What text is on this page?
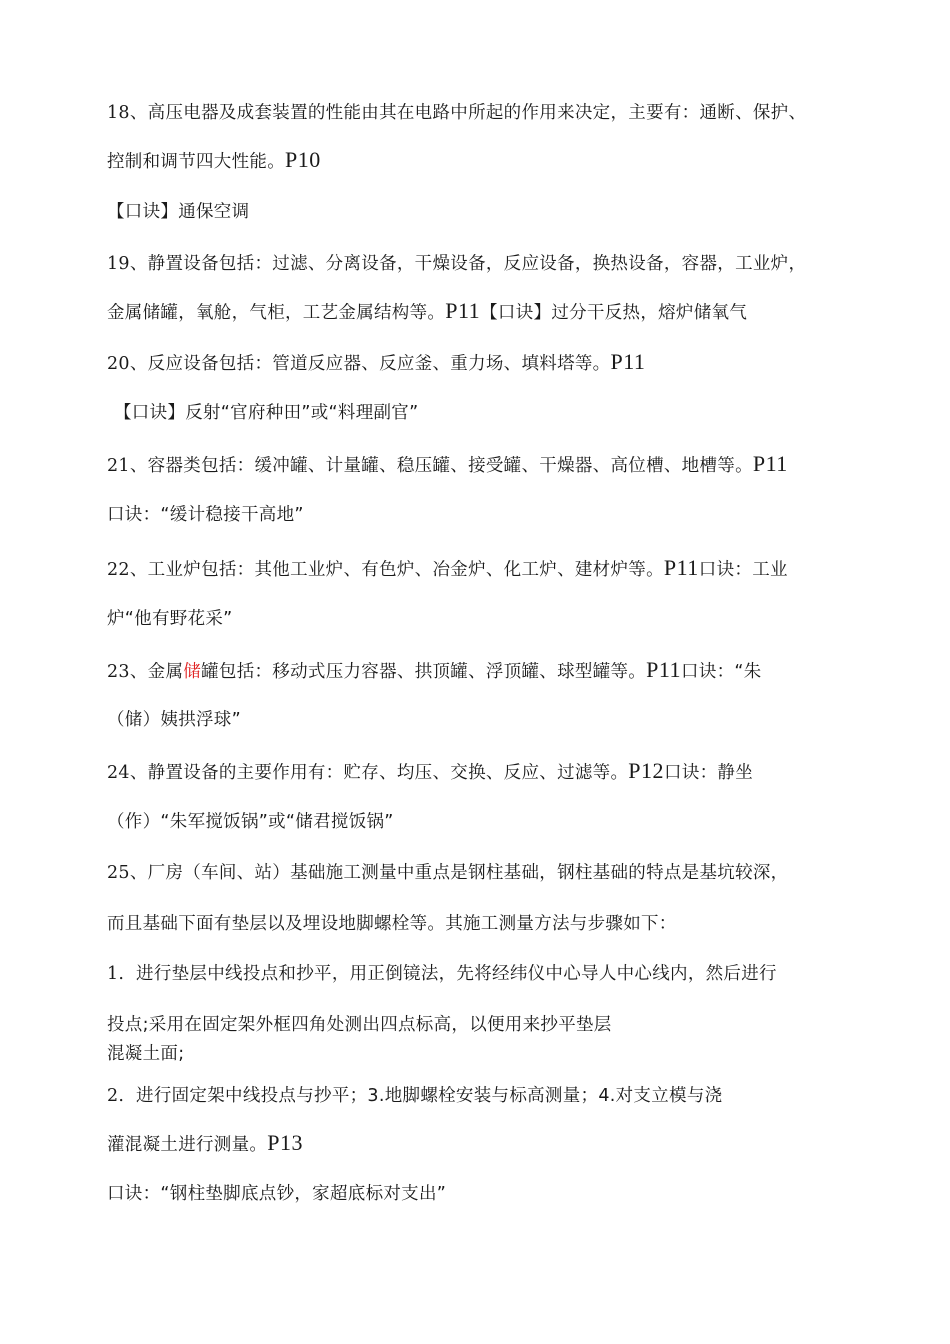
18、高压电器及成套装置的性能由其在电路中所起的作用来决定，主要有：通断、保护、
控制和调节四大性能。P10
【口诀】通保空调
19、静置设备包括：过滤、分离设备，干燥设备，反应设备，换热设备，容器，工业炉，
金属储罐，氧舱，气柜，工艺金属结构等。P11【口诀】过分干反热，熔炉储氧气
20、反应设备包括：管道反应器、反应釜、重力场、填料塔等。P11
【口诀】反射“官府种田”或“料理副官”
21、容器类包括：缓冲罐、计量罐、稳压罐、接受罐、干燥器、高位槽、地槽等。P11
口诀：“缓计稳接干高地”
22、工业炉包括：其他工业炉、有色炉、冶金炉、化工炉、建材炉等。P11口诀：工业
炉“他有野花采”
23、金属储罐包括：移动式压力容器、拱顶罐、浮顶罐、球型罐等。P11口诀：“朱
（储）姨拱浮球”
24、静置设备的主要作用有：贮存、均压、交换、反应、过滤等。P12口诀：静坐
（作）“朱军搅饭锅”或“储君搅饭锅”
25、厂房（车间、站）基础施工测量中重点是钢柱基础，钢柱基础的特点是基坑较深，
而且基础下面有垫层以及埋设地脚螺栓等。其施工测量方法与步骤如下：
1.  进行垫层中线投点和抄平，用正倒镜法，先将经纬仪中心导人中心线内，然后进行
投点;采用在固定架外框四角处测出四点标高，以便用来抄平垫层
混凝土面;
2.  进行固定架中线投点与抄平；3.地脚螺栓安装与标高测量；4.对支立模与浇
灌混凝土进行测量。P13
口诀：“钢柱垫脚底点钞，家超底标对支出”
